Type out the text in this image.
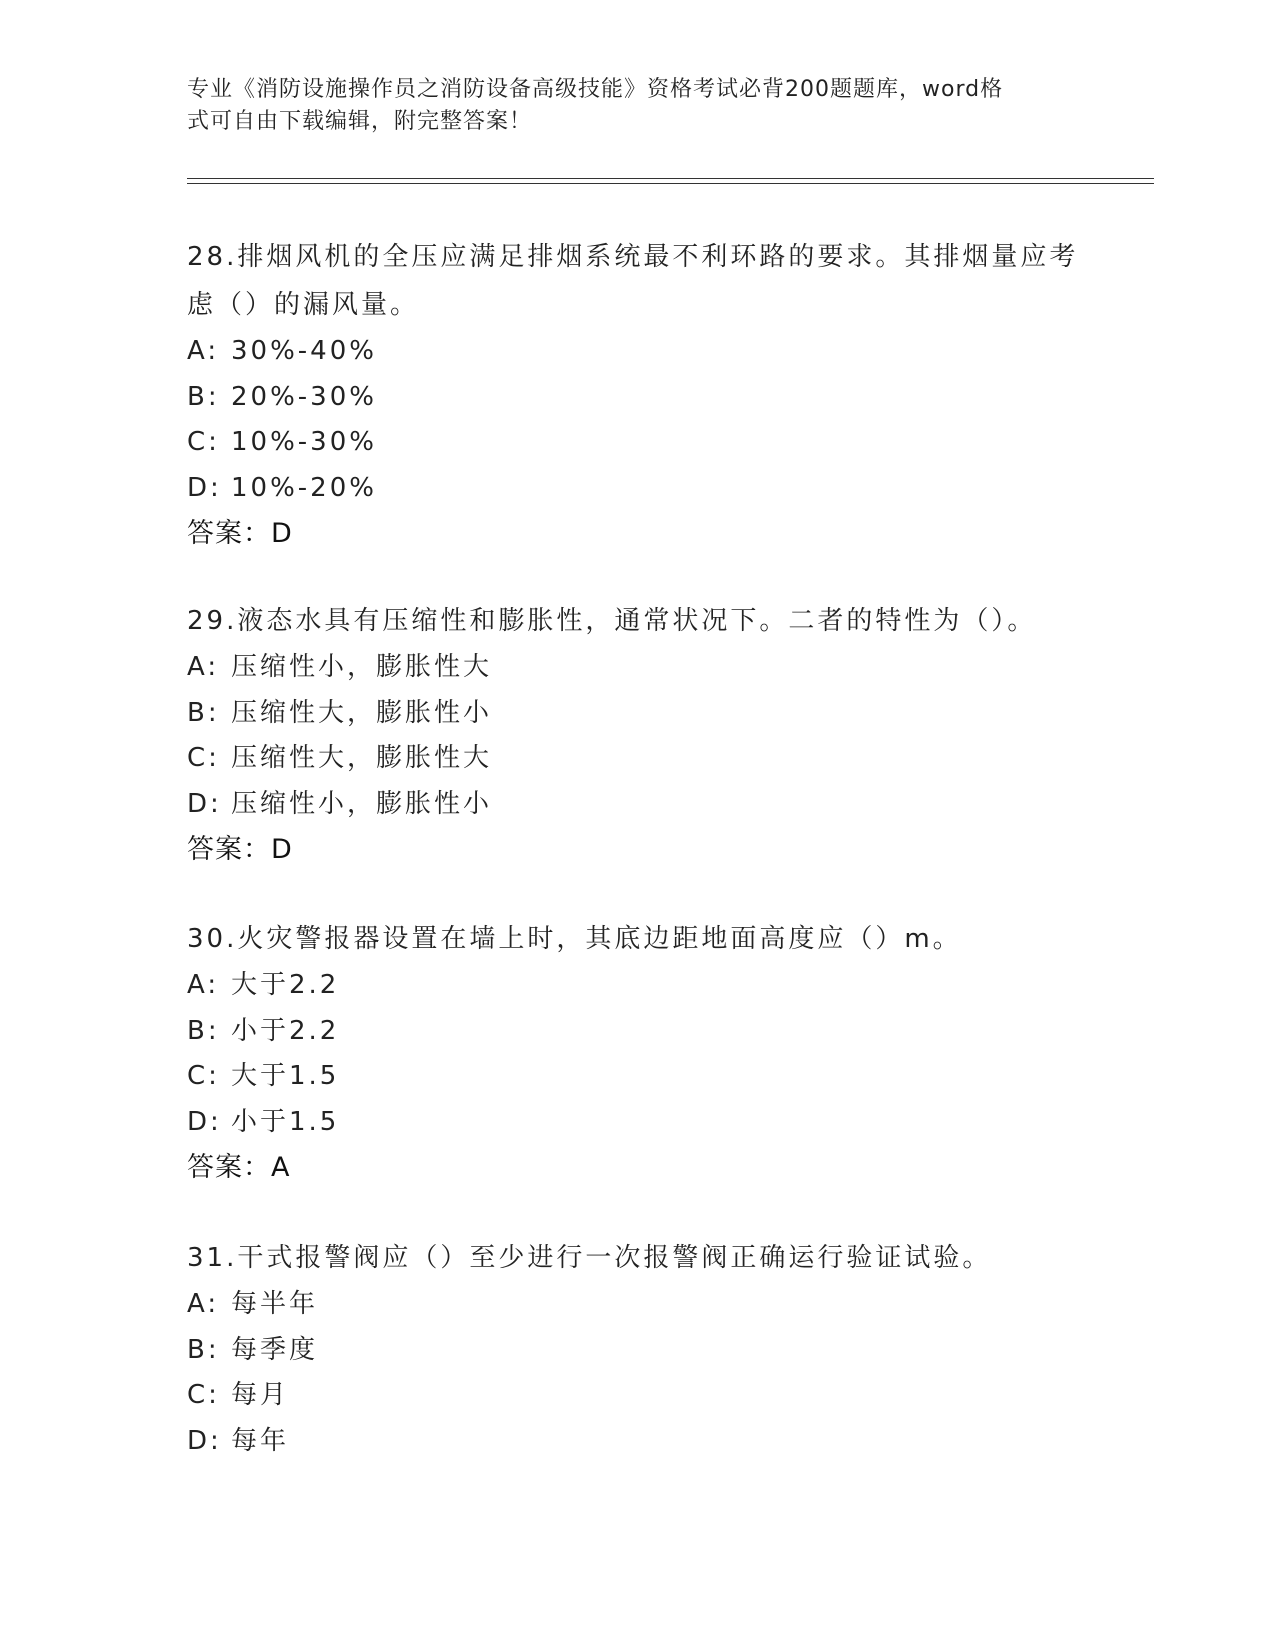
专业《消防设施操作员之消防设备高级技能》资格考试必背200题题库，word格
式可自由下载编辑，附完整答案！

28.排烟风机的全压应满足排烟系统最不利环路的要求。其排烟量应考虑（）的漏风量。

A: 30%-40%

B: 20%-30%

C: 10%-30%

D: 10%-20%

答案：D

29.液态水具有压缩性和膨胀性，通常状况下。二者的特性为（）。

A: 压缩性小，膨胀性大

B: 压缩性大，膨胀性小

C: 压缩性大，膨胀性大

D: 压缩性小，膨胀性小

答案：D

30.火灾警报器设置在墙上时，其底边距地面高度应（）m。

A: 大于2.2

B: 小于2.2

C: 大于1.5

D: 小于1.5

答案：A

31.干式报警阀应（）至少进行一次报警阀正确运行验证试验。

A: 每半年

B: 每季度

C: 每月

D: 每年
